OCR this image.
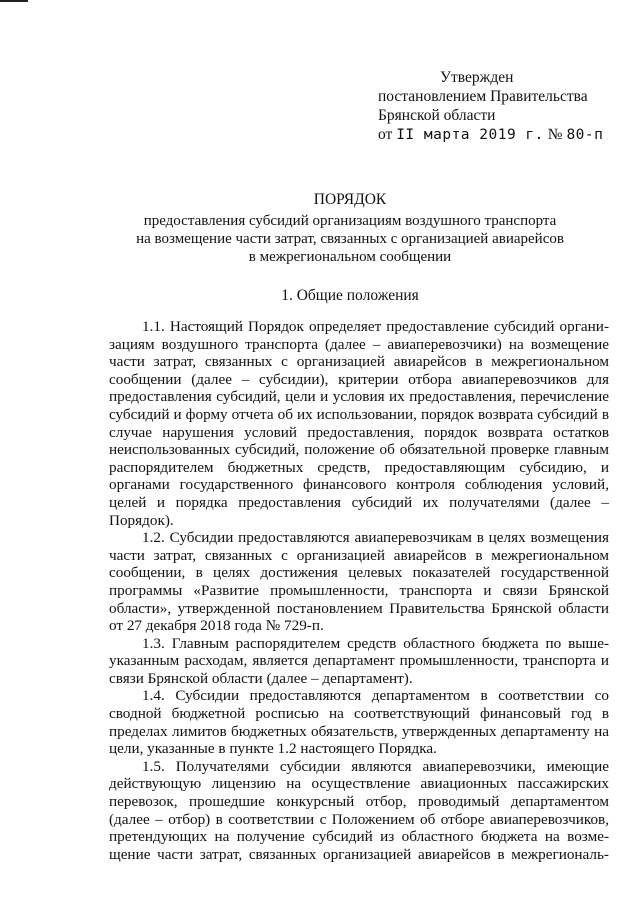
Утвержден
постановлением Правительства
Брянской области
от II марта 2019 г. № 80-п
ПОРЯДОК
предоставления субсидий организациям воздушного транспорта
на возмещение части затрат, связанных с организацией авиарейсов
в межрегиональном сообщении
1. Общие положения

1.1. Настоящий Порядок определяет предоставление субсидий организациям воздушного транспорта (далее – авиаперевозчики) на возмещение части затрат, связанных с организацией авиарейсов в межрегиональном сообщении (далее – субсидии), критерии отбора авиаперевозчиков для предоставления субсидий, цели и условия их предоставления, перечисление субсидий и форму отчета об их использовании, порядок возврата субсидий в случае нарушения условий предоставления, порядок возврата остатков неиспользованных субсидий, положение об обязательной проверке главным распорядителем бюджетных средств, предоставляющим субсидию, и органами государственного финансового контроля соблюдения условий, целей и порядка предоставления субсидий их получателями (далее – Порядок).

1.2. Субсидии предоставляются авиаперевозчикам в целях возмещения части затрат, связанных с организацией авиарейсов в межрегиональном сообщении, в целях достижения целевых показателей государственной программы «Развитие промышленности, транспорта и связи Брянской области», утвержденной постановлением Правительства Брянской области от 27 декабря 2018 года № 729-п.

1.3. Главным распорядителем средств областного бюджета по вышеуказанным расходам, является департамент промышленности, транспорта и связи Брянской области (далее – департамент).

1.4. Субсидии предоставляются департаментом в соответствии со сводной бюджетной росписью на соответствующий финансовый год в пределах лимитов бюджетных обязательств, утвержденных департаменту на цели, указанные в пункте 1.2 настоящего Порядка.

1.5. Получателями субсидии являются авиаперевозчики, имеющие действующую лицензию на осуществление авиационных пассажирских перевозок, прошедшие конкурсный отбор, проводимый департаментом (далее – отбор) в соответствии с Положением об отборе авиаперевозчиков, претендующих на получение субсидий из областного бюджета на возмещение части затрат, связанных организацией авиарейсов в межрегиональ-
